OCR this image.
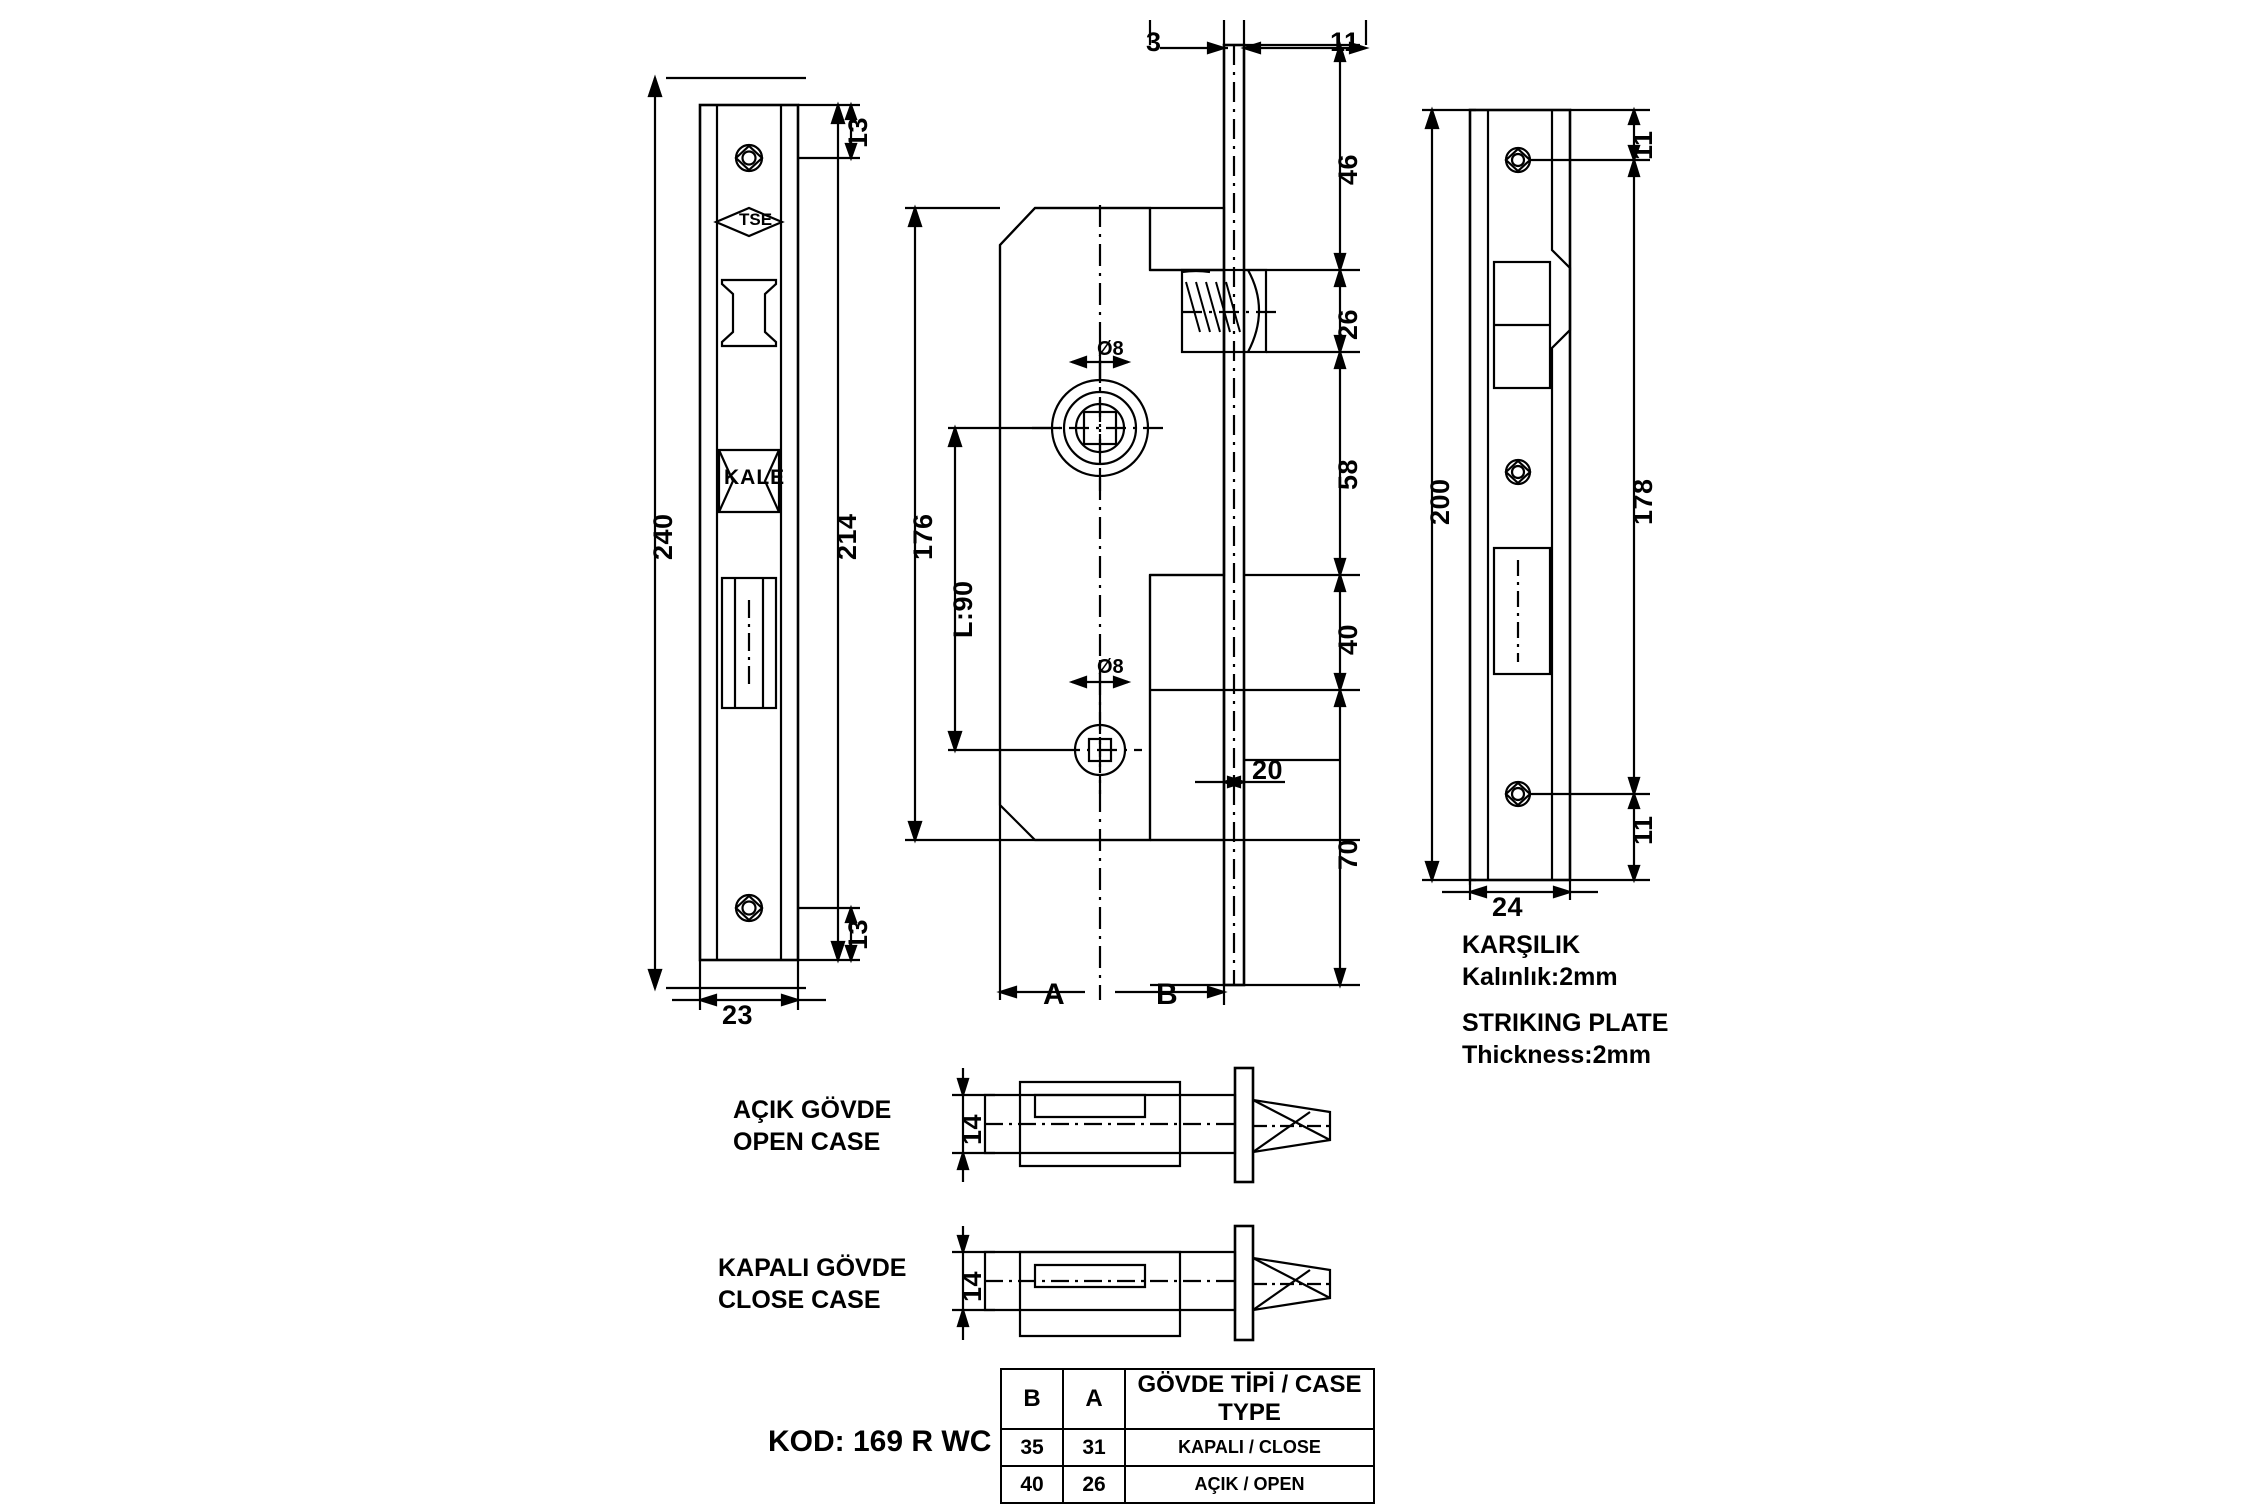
240	214
13
13
23
KALE
TSE
176
L:90
46
26
58
40
70
20
3	11
Ø8
Ø8
A	B
200	178
11
11
24
KARŞILIK
Kalınlık:2mm
STRIKING PLATE
Thickness:2mm
AÇIK GÖVDE
OPEN CASE	14
KAPALI GÖVDE
CLOSE CASE	14
KOD: 169 R WC
B	A	GÖVDE TİPİ / CASE TYPE
35	31	KAPALI / CLOSE
40	26	AÇIK / OPEN
